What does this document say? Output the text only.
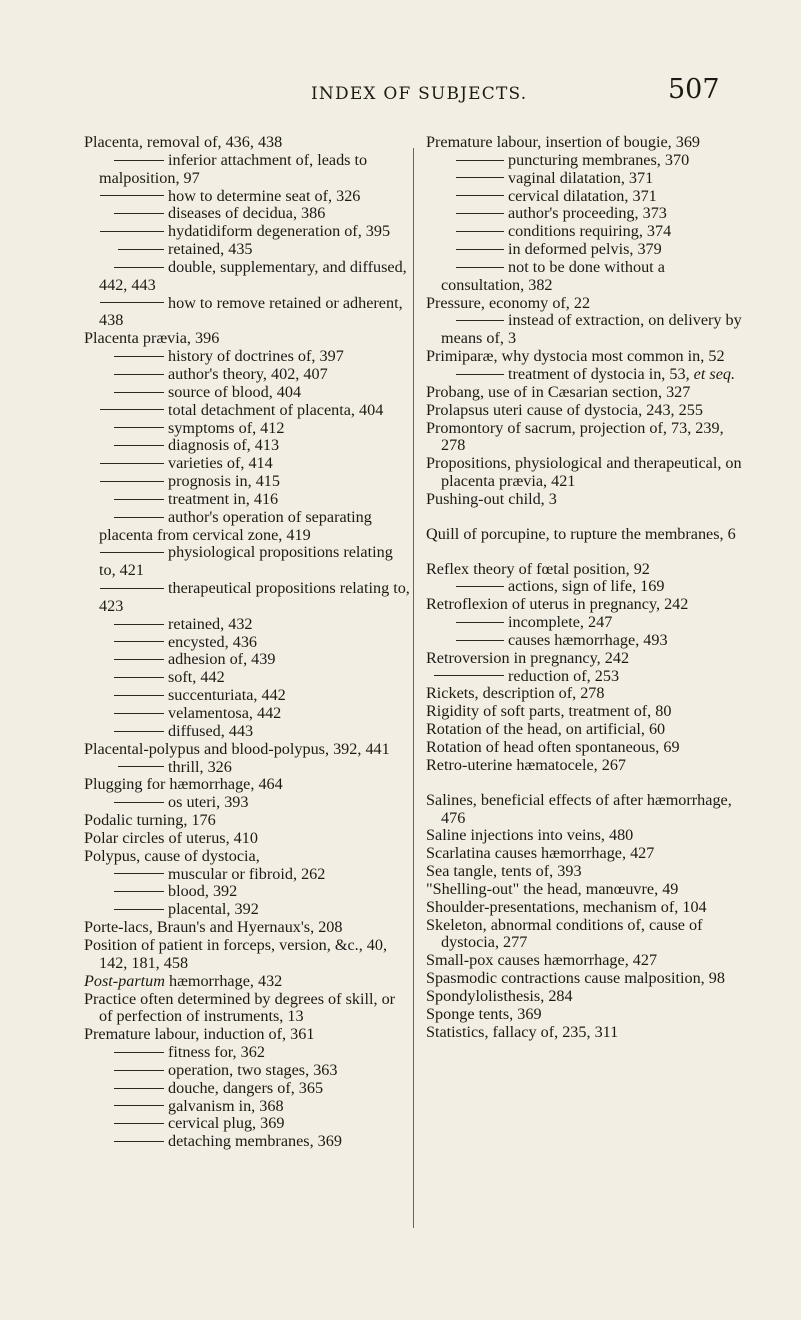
INDEX OF SUBJECTS.	507

Placenta, removal of, 436, 438

inferior attachment of, leads to malposition, 97

how to determine seat of, 326

diseases of decidua, 386

hydatidiform degeneration of, 395

retained, 435

double, supplementary, and diffused, 442, 443

how to remove retained or adherent, 438

Placenta prævia, 396

history of doctrines of, 397

author's theory, 402, 407

source of blood, 404

total detachment of placenta, 404

symptoms of, 412

diagnosis of, 413

varieties of, 414

prognosis in, 415

treatment in, 416

author's operation of separating placenta from cervical zone, 419

physiological propositions relating to, 421

therapeutical propositions relating to, 423

retained, 432

encysted, 436

adhesion of, 439

soft, 442

succenturiata, 442

velamentosa, 442

diffused, 443

Placental-polypus and blood-polypus, 392, 441

thrill, 326

Plugging for hæmorrhage, 464

os uteri, 393

Podalic turning, 176

Polar circles of uterus, 410

Polypus, cause of dystocia,

muscular or fibroid, 262

blood, 392

placental, 392

Porte-lacs, Braun's and Hyernaux's, 208

Position of patient in forceps, version, &c., 40, 142, 181, 458

Post-partum hæmorrhage, 432

Practice often determined by degrees of skill, or of perfection of instruments, 13

Premature labour, induction of, 361

fitness for, 362

operation, two stages, 363

douche, dangers of, 365

galvanism in, 368

cervical plug, 369

detaching membranes, 369

Premature labour, insertion of bougie, 369

puncturing membranes, 370

vaginal dilatation, 371

cervical dilatation, 371

author's proceeding, 373

conditions requiring, 374

in deformed pelvis, 379

not to be done without a consultation, 382

Pressure, economy of, 22

instead of extraction, on delivery by means of, 3

Primiparæ, why dystocia most common in, 52

treatment of dystocia in, 53, et seq.

Probang, use of in Cæsarian section, 327

Prolapsus uteri cause of dystocia, 243, 255

Promontory of sacrum, projection of, 73, 239, 278

Propositions, physiological and therapeutical, on placenta prævia, 421

Pushing-out child, 3

Quill of porcupine, to rupture the membranes, 6

Reflex theory of fœtal position, 92

actions, sign of life, 169

Retroflexion of uterus in pregnancy, 242

incomplete, 247

causes hæmorrhage, 493

Retroversion in pregnancy, 242

reduction of, 253

Rickets, description of, 278

Rigidity of soft parts, treatment of, 80

Rotation of the head, on artificial, 60

Rotation of head often spontaneous, 69

Retro-uterine hæmatocele, 267

Salines, beneficial effects of after hæmorrhage, 476

Saline injections into veins, 480

Scarlatina causes hæmorrhage, 427

Sea tangle, tents of, 393

"Shelling-out" the head, manœuvre, 49

Shoulder-presentations, mechanism of, 104

Skeleton, abnormal conditions of, cause of dystocia, 277

Small-pox causes hæmorrhage, 427

Spasmodic contractions cause malposition, 98

Spondylolisthesis, 284

Sponge tents, 369

Statistics, fallacy of, 235, 311
